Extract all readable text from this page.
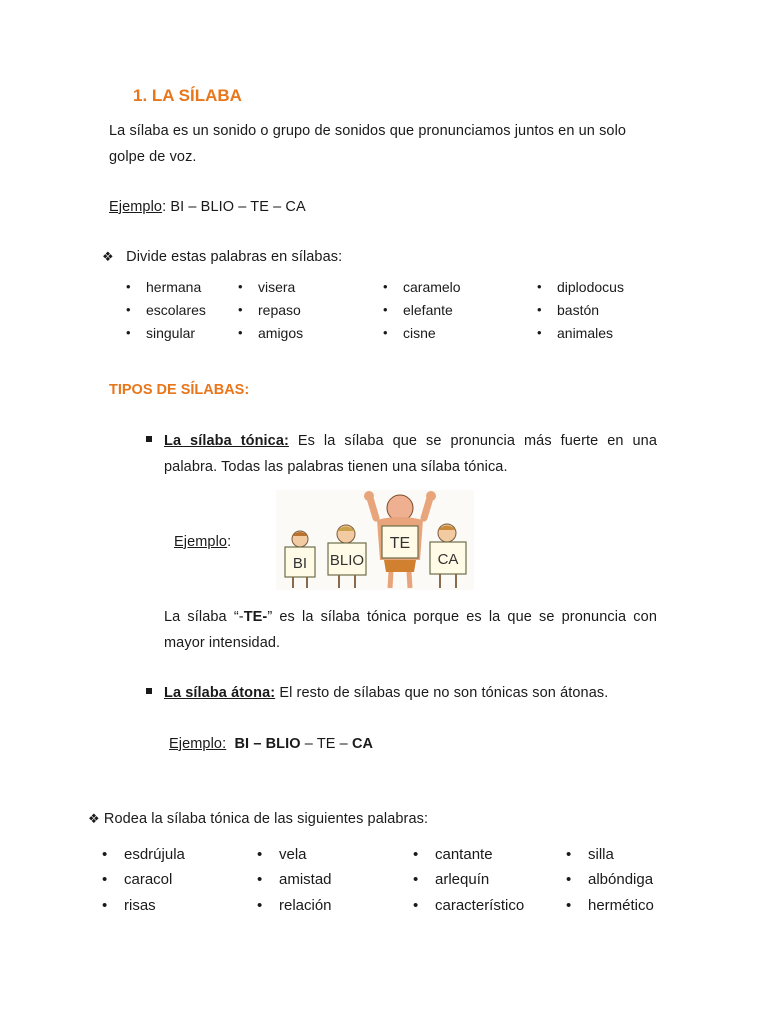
1. LA SÍLABA
La sílaba es un sonido o grupo de sonidos que pronunciamos juntos en un solo
golpe de voz.
Ejemplo: BI – BLIO – TE – CA
❖ Divide estas palabras en sílabas:
• hermana
• escolares
• singular
• visera
• repaso
• amigos
• caramelo
• elefante
• cisne
• diplodocus
• bastón
• animales
TIPOS DE SÍLABAS:
La sílaba tónica: Es la sílaba que se pronuncia más fuerte en una
palabra. Todas las palabras tienen una sílaba tónica.
Ejemplo:
BI BLIO
TE
CA
La sílaba “-TE-” es la sílaba tónica porque es la que se pronuncia con
mayor intensidad.
La sílaba átona: El resto de sílabas que no son tónicas son átonas.
Ejemplo: BI – BLIO – TE – CA
❖ Rodea la sílaba tónica de las siguientes palabras:
• esdrújula
• caracol
• risas
• vela
• amistad
• relación
• cantante
• arlequín
• característico
• silla
• albóndiga
• hermético
